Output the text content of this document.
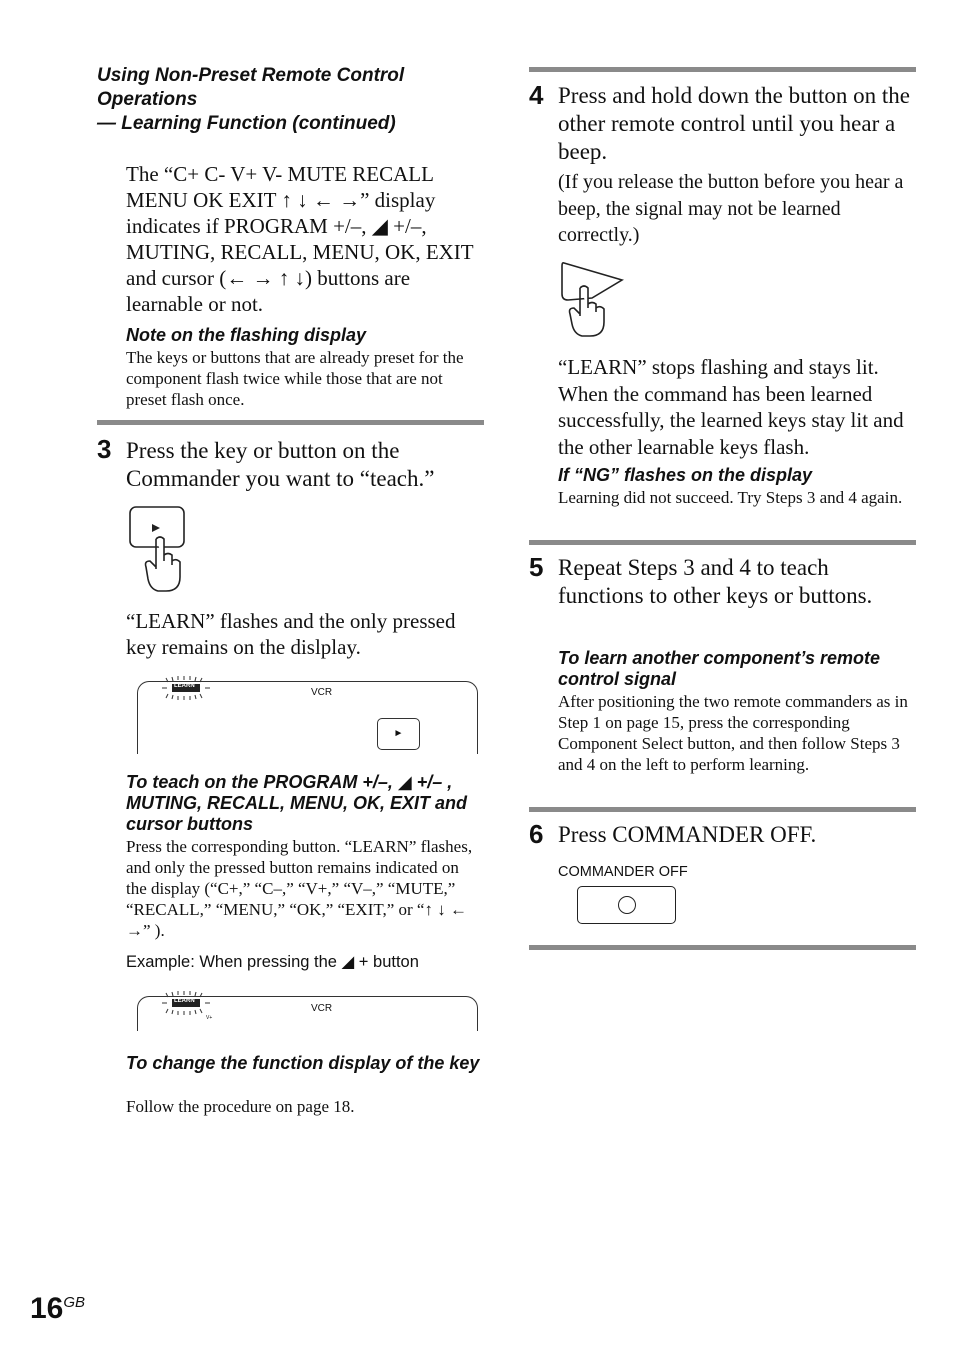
Using Non-Preset Remote Control
Operations
— Learning Function (continued)
The “C+ C- V+ V- MUTE RECALL MENU OK EXIT ↑ ↓ ← →” display indicates if PROGRAM +/–, ◢ +/–, MUTING, RECALL, MENU, OK, EXIT and cursor (← → ↑ ↓) buttons are learnable or not.
Note on the flashing display
The keys or buttons that are already preset for the component flash twice while those that are not preset flash once.
3 Press the key or button on the Commander you want to “teach.”
“LEARN” flashes and the only pressed key remains on the dislplay.
LEARN
VCR
►
To teach on the PROGRAM +/–, ◢ +/– , MUTING, RECALL, MENU, OK, EXIT and cursor buttons
Press the corresponding button. “LEARN” flashes, and only the pressed button remains indicated on the display (“C+,” “C–,” “V+,” “V–,” “MUTE,” “RECALL,” “MENU,” “OK,” “EXIT,” or “↑ ↓ ← →” ).
Example: When pressing the ◢ + button
LEARN
VCR
V+
To change the function display of the key
Follow the procedure on page 18.
4 Press and hold down the button on the other remote control until you hear a beep.
(If you release the button before you hear a beep, the signal may not be learned correctly.)
“LEARN” stops flashing and stays lit. When the command has been learned successfully, the learned keys stay lit and the other learnable keys flash.
If “NG” flashes on the display
Learning did not succeed. Try Steps 3 and 4 again.
5 Repeat Steps 3 and 4 to teach functions to other keys or buttons.
To learn another component’s remote control signal
After positioning the two remote commanders as in Step 1 on page 15, press the corresponding Component Select button, and then follow Steps 3 and 4 on the left to perform learning.
6 Press COMMANDER OFF.
COMMANDER OFF
$16^{GB}$
